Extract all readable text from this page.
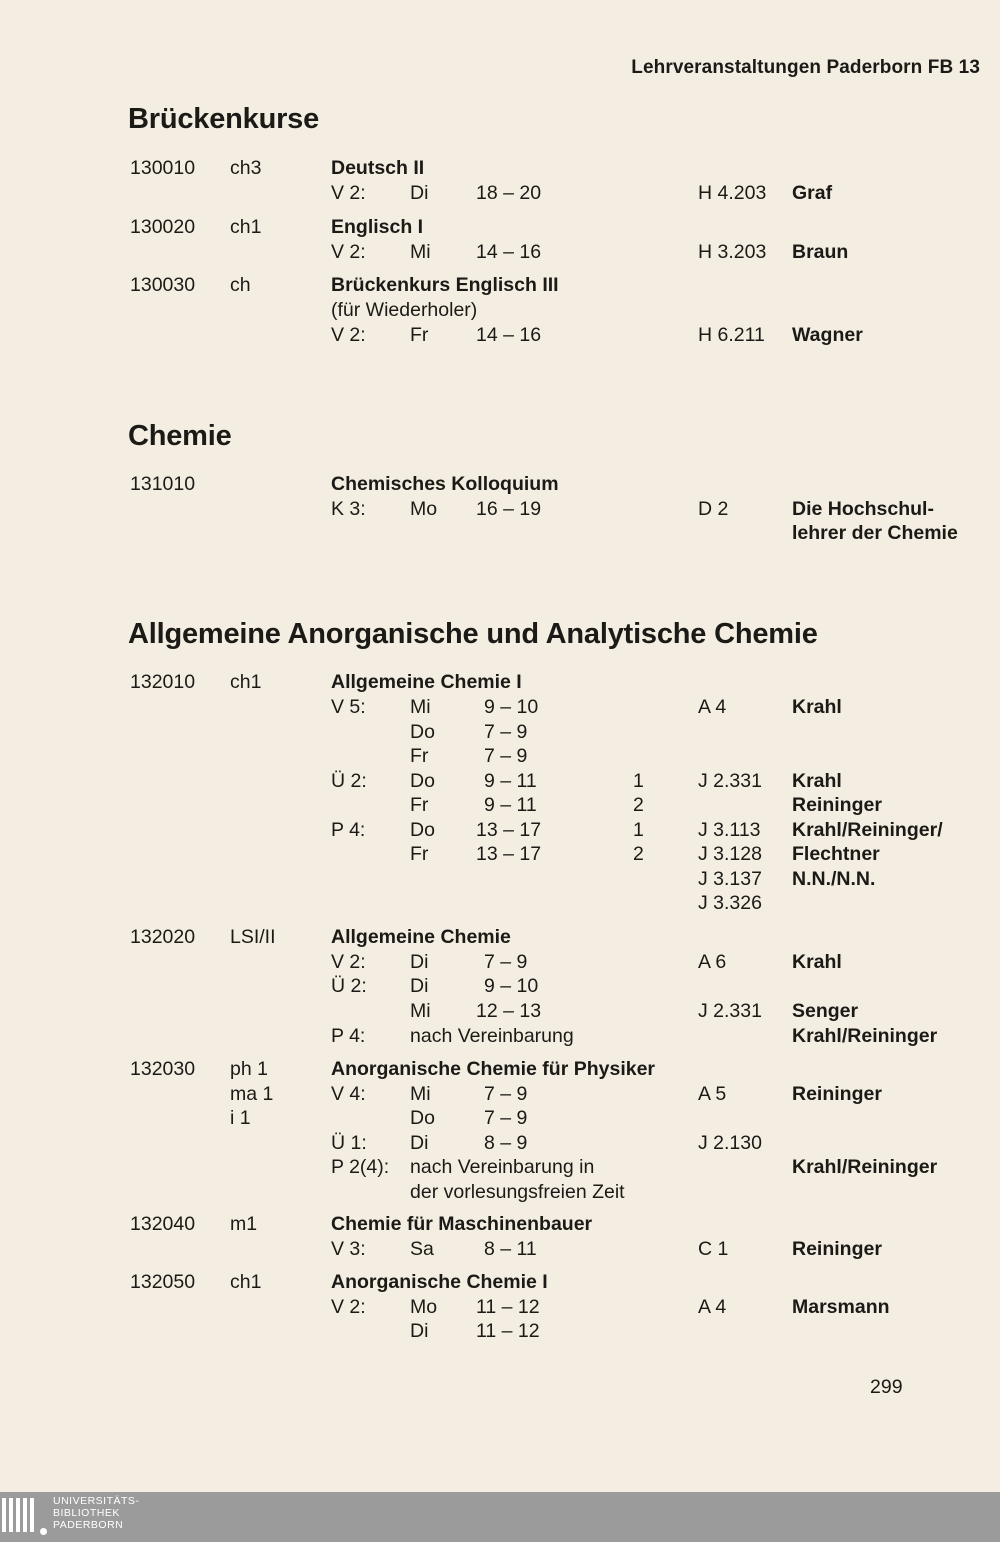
Lehrveranstaltungen Paderborn FB 13
Brückenkurse
Chemie
Allgemeine Anorganische und Analytische Chemie
130010 ch3	Deutsch II
V 2: Di 18 – 20	H 4.203 Graf
130020 ch1	Englisch I
V 2: Mi 14 – 16	H 3.203 Braun
130030 ch	Brückenkurs Englisch III
(für Wiederholer)
V 2: Fr 14 – 16	H 6.211 Wagner
131010	Chemisches Kolloquium
K 3: Mo 16 – 19	D 2	Die Hochschul-
lehrer der Chemie
132010 ch1	Allgemeine Chemie I
V 5: Mi	9 – 10	A 4	Krahl
Do	7 – 9
Fr	7 – 9
Ü 2: Do	9 – 11	1	J 2.331 Krahl
Fr	9 – 11	2	Reininger
P 4: Do 13 – 17	1	J 3.113 Krahl/Reininger/
Fr 13 – 17	2	J 3.128 Flechtner
J 3.137 N.N./N.N.
J 3.326
132020 LSI/II	Allgemeine Chemie
V 2: Di	7 – 9	A 6	Krahl
Ü 2: Di	9 – 10
Mi 12 – 13	J 2.331 Senger
P 4: nach Vereinbarung	Krahl/Reininger
132030 ph 1	Anorganische Chemie für Physiker
ma 1	V 4: Mi	7 – 9	A 5	Reininger
i 1	Do	7 – 9
Ü 1: Di	8 – 9	J 2.130
P 2(4): nach Vereinbarung in	Krahl/Reininger
der vorlesungsfreien Zeit
132040 m1	Chemie für Maschinenbauer
V 3: Sa	8 – 11	C 1	Reininger
132050 ch1	Anorganische Chemie I
V 2: Mo 11 – 12	A 4	Marsmann
Di 11 – 12
299
UNIVERSITÄTS-
BIBLIOTHEK
PADERBORN
